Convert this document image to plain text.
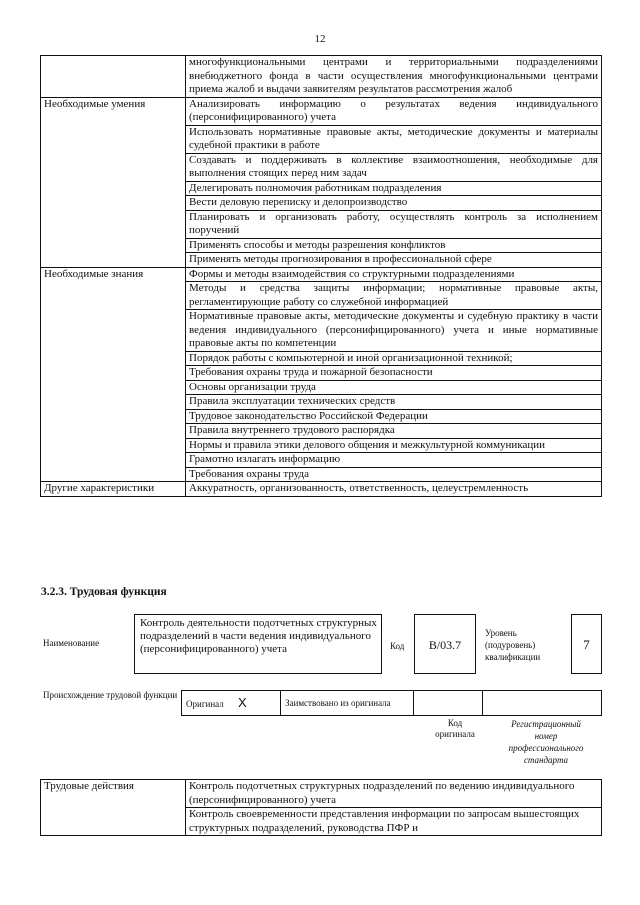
12
	многофункциональными центрами и территориальными подразделениями внебюджетного фонда в части осуществления многофункциональными центрами приема жалоб и выдачи заявителям результатов рассмотрения жалоб
Необходимые умения	Анализировать информацию о результатах ведения индивидуального (персонифицированного) учета
	Использовать нормативные правовые акты, методические документы и материалы судебной практики в работе
	Создавать и поддерживать в коллективе взаимоотношения, необходимые для выполнения стоящих перед ним задач
	Делегировать полномочия работникам подразделения
	Вести деловую переписку и делопроизводство
	Планировать и организовать работу, осуществлять контроль за исполнением поручений
	Применять способы и методы разрешения конфликтов
	Применять методы прогнозирования в профессиональной сфере
Необходимые знания	Формы и методы взаимодействия со структурными подразделениями
	Методы и средства защиты информации; нормативные правовые акты, регламентирующие работу со служебной информацией
	Нормативные правовые акты, методические документы и судебную практику в части ведения индивидуального (персонифицированного) учета и иные нормативные правовые акты по компетенции
	Порядок работы с компьютерной и иной организационной техникой;
	Требования охраны труда и пожарной безопасности
	Основы организации труда
	Правила эксплуатации технических средств
	Трудовое законодательство Российской Федерации
	Правила внутреннего трудового распорядка
	Нормы и правила этики делового общения и межкультурной коммуникации
	Грамотно излагать информацию
	Требования охраны труда
Другие характеристики	Аккуратность, организованность, ответственность, целеустремленность
3.2.3. Трудовая функция
Наименование
Контроль деятельности подотчетных структурных подразделений в части ведения индивидуального (персонифицированного) учета	Код	B/03.7
Уровень
(подуровень)
квалификации
7
Происхождение трудовой функции
Оригинал X	Заимствовано из оригинала		
Код
оригинала
Регистрационный
номер
профессионального
стандарта
Трудовые действия	Контроль подотчетных структурных подразделений по ведению индивидуального (персонифицированного) учета
Контроль своевременности представления информации по запросам вышестоящих структурных подразделений, руководства ПФР и
